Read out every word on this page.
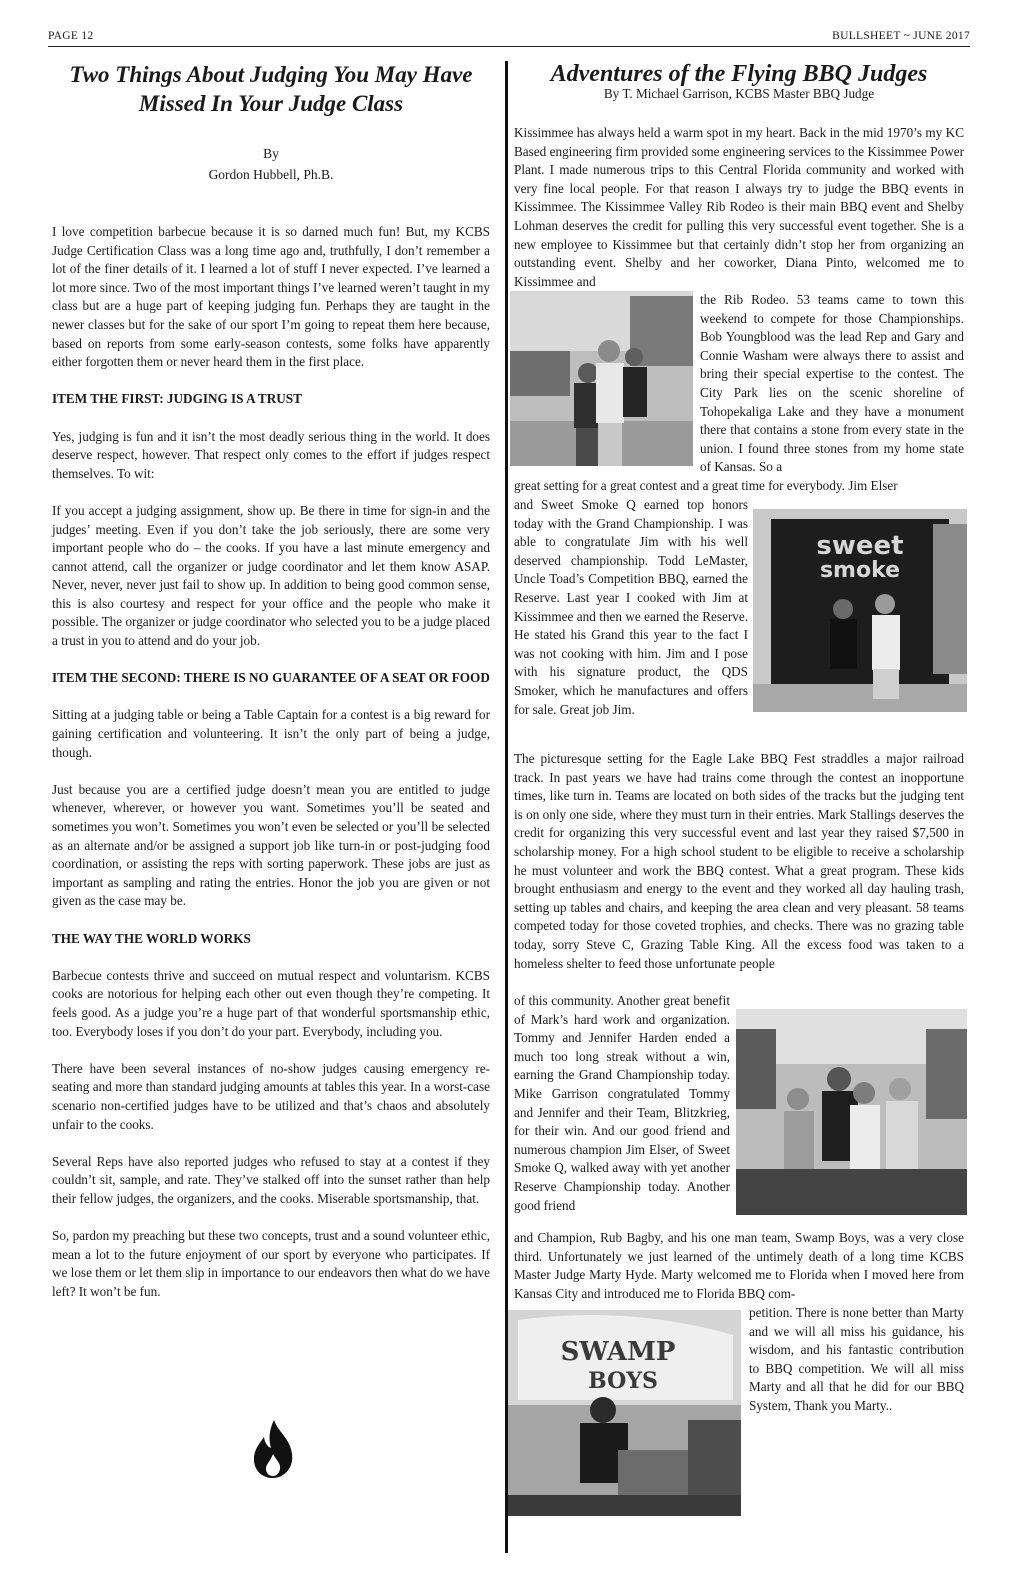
PAGE 12	BULLSHEET ~ JUNE 2017
Two Things About Judging You May Have
Missed In Your Judge Class
By
Gordon Hubbell, Ph.B.

I love competition barbecue because it is so darned much fun! But, my KCBS Judge Certification Class was a long time ago and, truthfully, I don’t remember a lot of the finer details of it. I learned a lot of stuff I never expected. I’ve learned a lot more since. Two of the most important things I’ve learned weren’t taught in my class but are a huge part of keeping judging fun. Perhaps they are taught in the newer classes but for the sake of our sport I’m going to repeat them here because, based on reports from some early-season contests, some folks have apparently either forgotten them or never heard them in the first place.

ITEM THE FIRST: JUDGING IS A TRUST

Yes, judging is fun and it isn’t the most deadly serious thing in the world. It does deserve respect, however. That respect only comes to the effort if judges respect themselves. To wit:

If you accept a judging assignment, show up. Be there in time for sign-in and the judges’ meeting. Even if you don’t take the job seriously, there are some very important people who do – the cooks. If you have a last minute emergency and cannot attend, call the organizer or judge coordinator and let them know ASAP. Never, never, never just fail to show up. In addition to being good common sense, this is also courtesy and respect for your office and the people who make it possible. The organizer or judge coordinator who selected you to be a judge placed a trust in you to attend and do your job.

ITEM THE SECOND: THERE IS NO GUARANTEE OF A SEAT OR FOOD

Sitting at a judging table or being a Table Captain for a contest is a big reward for gaining certification and volunteering. It isn’t the only part of being a judge, though.

Just because you are a certified judge doesn’t mean you are entitled to judge whenever, wherever, or however you want. Sometimes you’ll be seated and sometimes you won’t. Sometimes you won’t even be selected or you’ll be selected as an alternate and/or be assigned a support job like turn-in or post-judging food coordination, or assisting the reps with sorting paperwork. These jobs are just as important as sampling and rating the entries. Honor the job you are given or not given as the case may be.

THE WAY THE WORLD WORKS

Barbecue contests thrive and succeed on mutual respect and voluntarism. KCBS cooks are notorious for helping each other out even though they’re competing. It feels good. As a judge you’re a huge part of that wonderful sportsmanship ethic, too. Everybody loses if you don’t do your part. Everybody, including you.

There have been several instances of no-show judges causing emergency re-seating and more than standard judging amounts at tables this year. In a worst-case scenario non-certified judges have to be utilized and that’s chaos and absolutely unfair to the cooks.

Several Reps have also reported judges who refused to stay at a contest if they couldn’t sit, sample, and rate. They’ve stalked off into the sunset rather than help their fellow judges, the organizers, and the cooks. Miserable sportsmanship, that.

So, pardon my preaching but these two concepts, trust and a sound volunteer ethic, mean a lot to the future enjoyment of our sport by everyone who participates. If we lose them or let them slip in importance to our endeavors then what do we have left? It won’t be fun.

Adventures of the Flying BBQ Judges
By T. Michael Garrison, KCBS Master BBQ Judge
Kissimmee has always held a warm spot in my heart. Back in the mid 1970’s my KC Based engineering firm provided some engineering services to the Kissimmee Power Plant. I made numerous trips to this Central Florida community and worked with very fine local people. For that reason I always try to judge the BBQ events in Kissimmee. The Kissimmee Valley Rib Rodeo is their main BBQ event and Shelby Lohman deserves the credit for pulling this very successful event together. She is a new employee to Kissimmee but that certainly didn’t stop her from organizing an outstanding event. Shelby and her coworker, Diana Pinto, welcomed me to Kissimmee and
the Rib Rodeo. 53 teams came to town this weekend to compete for those Championships. Bob Youngblood was the lead Rep and Gary and Connie Washam were always there to assist and bring their special expertise to the contest. The City Park lies on the scenic shoreline of Tohopekaliga Lake and they have a monument there that contains a stone from every state in the union. I found three stones from my home state of Kansas. So a
great setting for a great contest and a great time for everybody. Jim Elser
sweet
smoke
and Sweet Smoke Q earned top honors today with the Grand Championship. I was able to congratulate Jim with his well deserved championship. Todd LeMaster, Uncle Toad’s Competition BBQ, earned the Reserve. Last year I cooked with Jim at Kissimmee and then we earned the Reserve. He stated his Grand this year to the fact I was not cooking with him. Jim and I pose with his signature product, the QDS Smoker, which he manufactures and offers for sale. Great job Jim.
The picturesque setting for the Eagle Lake BBQ Fest straddles a major railroad track. In past years we have had trains come through the contest an inopportune times, like turn in. Teams are located on both sides of the tracks but the judging tent is on only one side, where they must turn in their entries. Mark Stallings deserves the credit for organizing this very successful event and last year they raised $7,500 in scholarship money. For a high school student to be eligible to receive a scholarship he must volunteer and work the BBQ contest. What a great program. These kids brought enthusiasm and energy to the event and they worked all day hauling trash, setting up tables and chairs, and keeping the area clean and very pleasant. 58 teams competed today for those coveted trophies, and checks. There was no grazing table today, sorry Steve C, Grazing Table King. All the excess food was taken to a homeless shelter to feed those unfortunate people
of this community. Another great benefit of Mark’s hard work and organization. Tommy and Jennifer Harden ended a much too long streak without a win, earning the Grand Championship today. Mike Garrison congratulated Tommy and Jennifer and their Team, Blitzkrieg, for their win. And our good friend and numerous champion Jim Elser, of Sweet Smoke Q, walked away with yet another Reserve Championship today. Another good friend
and Champion, Rub Bagby, and his one man team, Swamp Boys, was a very close third. Unfortunately we just learned of the untimely death of a long time KCBS Master Judge Marty Hyde. Marty welcomed me to Florida when I moved here from Kansas City and introduced me to Florida BBQ com-
SWAMP
BOYS
petition. There is none better than Marty and we will all miss his guidance, his wisdom, and his fantastic contribution to BBQ competition. We will all miss Marty and all that he did for our BBQ System, Thank you Marty..
